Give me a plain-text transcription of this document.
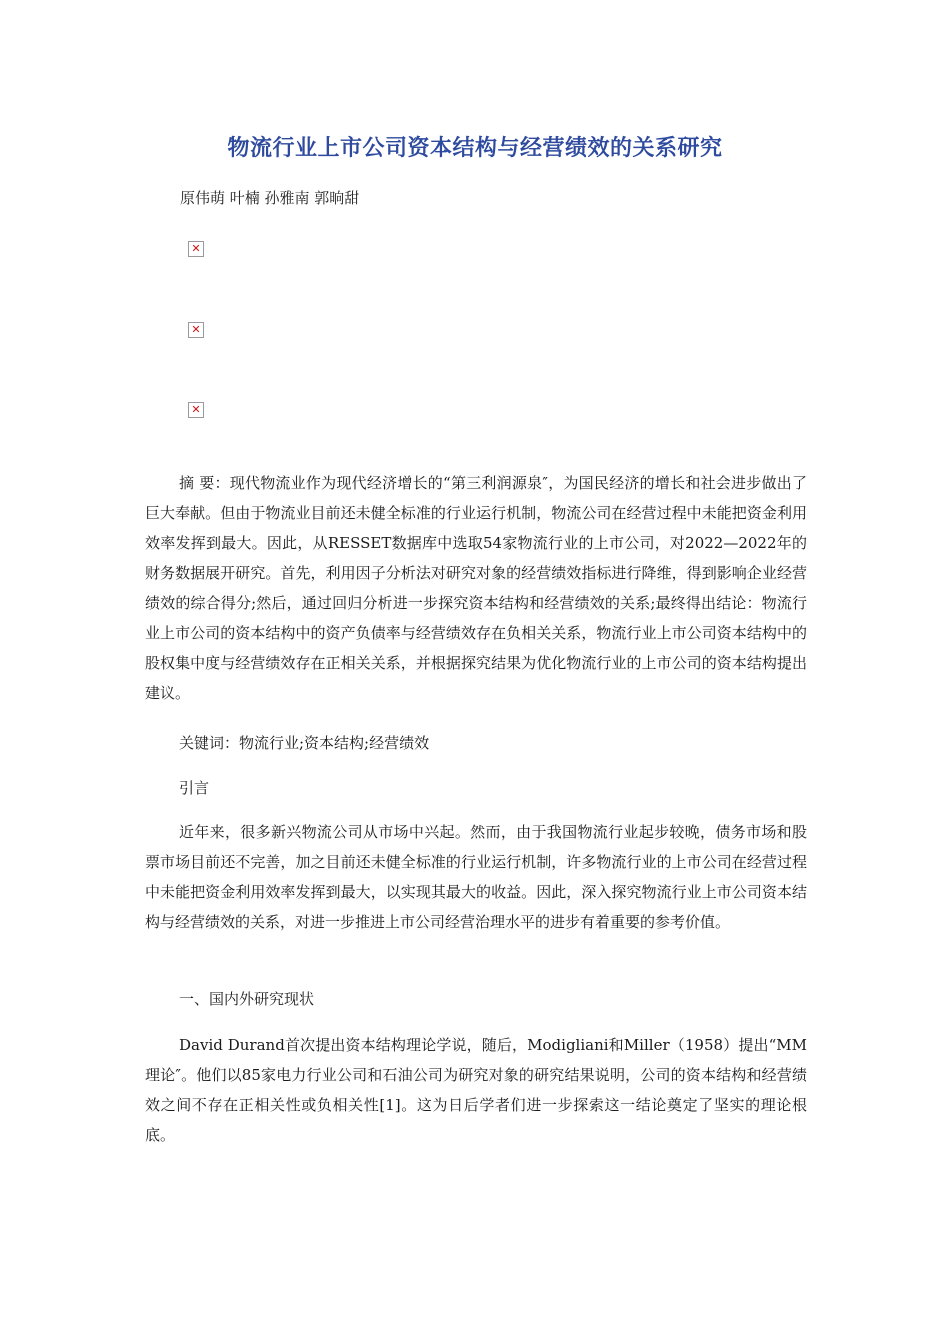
物流行业上市公司资本结构与经营绩效的关系研究
原伟萌 叶楠 孙雅南 郭晌甜
✕
✕
✕

摘 要：现代物流业作为现代经济增长的“第三利润源泉″，为国民经济的增长和社会进步做出了巨大奉献。但由于物流业目前还未健全标准的行业运行机制，物流公司在经营过程中未能把资金利用效率发挥到最大。因此，从RESSET数据库中选取54家物流行业的上市公司，对2022—2022年的财务数据展开研究。首先，利用因子分析法对研究对象的经营绩效指标进行降维，得到影响企业经营绩效的综合得分;然后，通过回归分析进一步探究资本结构和经营绩效的关系;最终得出结论：物流行业上市公司的资本结构中的资产负债率与经营绩效存在负相关关系，物流行业上市公司资本结构中的股权集中度与经营绩效存在正相关关系，并根据探究结果为优化物流行业的上市公司的资本结构提出建议。

关键词：物流行业;资本结构;经营绩效

引言

近年来，很多新兴物流公司从市场中兴起。然而，由于我国物流行业起步较晚，债务市场和股票市场目前还不完善，加之目前还未健全标准的行业运行机制，许多物流行业的上市公司在经营过程中未能把资金利用效率发挥到最大，以实现其最大的收益。因此，深入探究物流行业上市公司资本结构与经营绩效的关系，对进一步推进上市公司经营治理水平的进步有着重要的参考价值。

一、国内外研究现状

David Durand首次提出资本结构理论学说，随后，Modigliani和Miller（1958）提出“MM理论″。他们以85家电力行业公司和石油公司为研究对象的研究结果说明，公司的资本结构和经营绩效之间不存在正相关性或负相关性[1]。这为日后学者们进一步探索这一结论奠定了坚实的理论根底。
